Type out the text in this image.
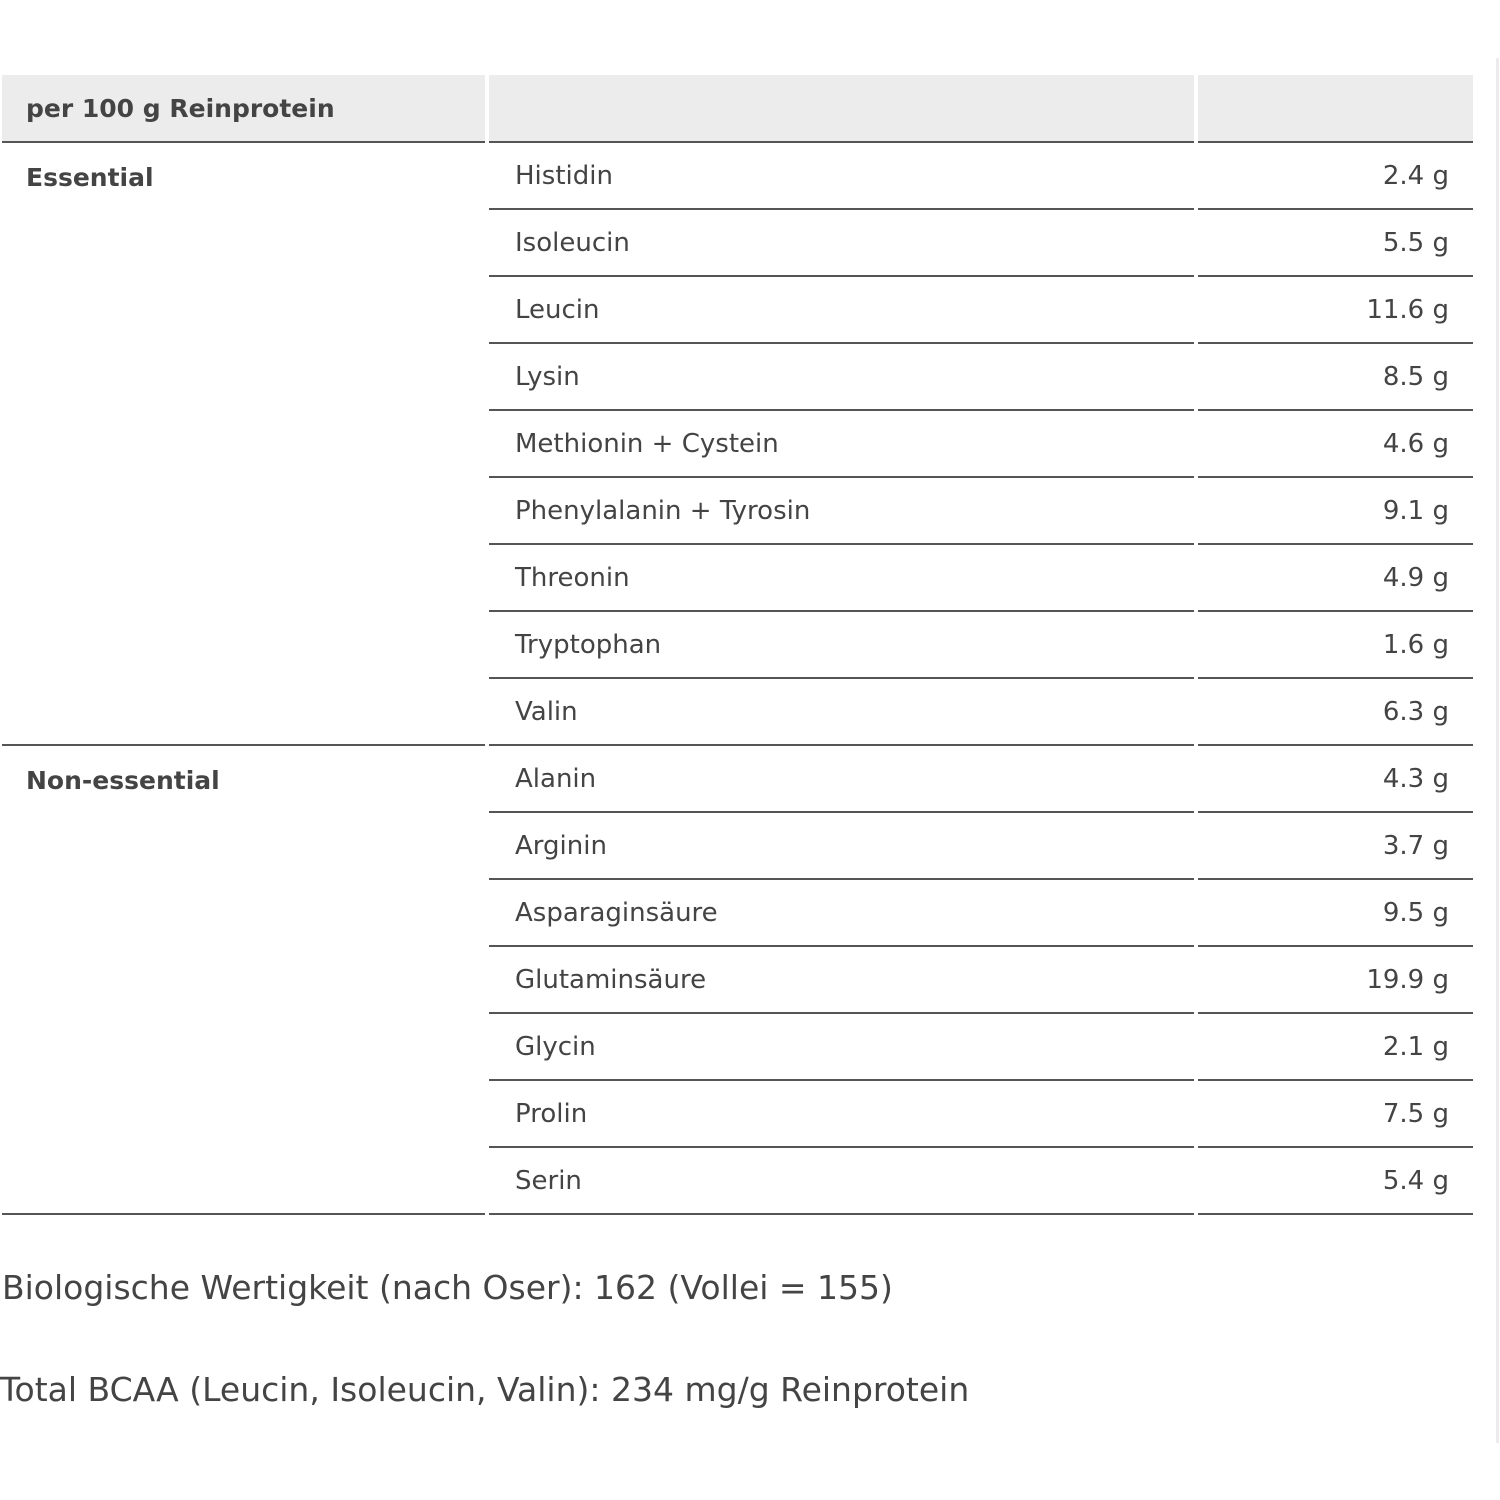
per 100 g Reinprotein		
Essential	Histidin	2.4 g
	Isoleucin	5.5 g
	Leucin	11.6 g
	Lysin	8.5 g
	Methionin + Cystein	4.6 g
	Phenylalanin + Tyrosin	9.1 g
	Threonin	4.9 g
	Tryptophan	1.6 g
	Valin	6.3 g
Non-essential	Alanin	4.3 g
	Arginin	3.7 g
	Asparaginsäure	9.5 g
	Glutaminsäure	19.9 g
	Glycin	2.1 g
	Prolin	7.5 g
	Serin	5.4 g
Biologische Wertigkeit (nach Oser): 162 (Vollei = 155)
Total BCAA (Leucin, Isoleucin, Valin): 234 mg/g Reinprotein
